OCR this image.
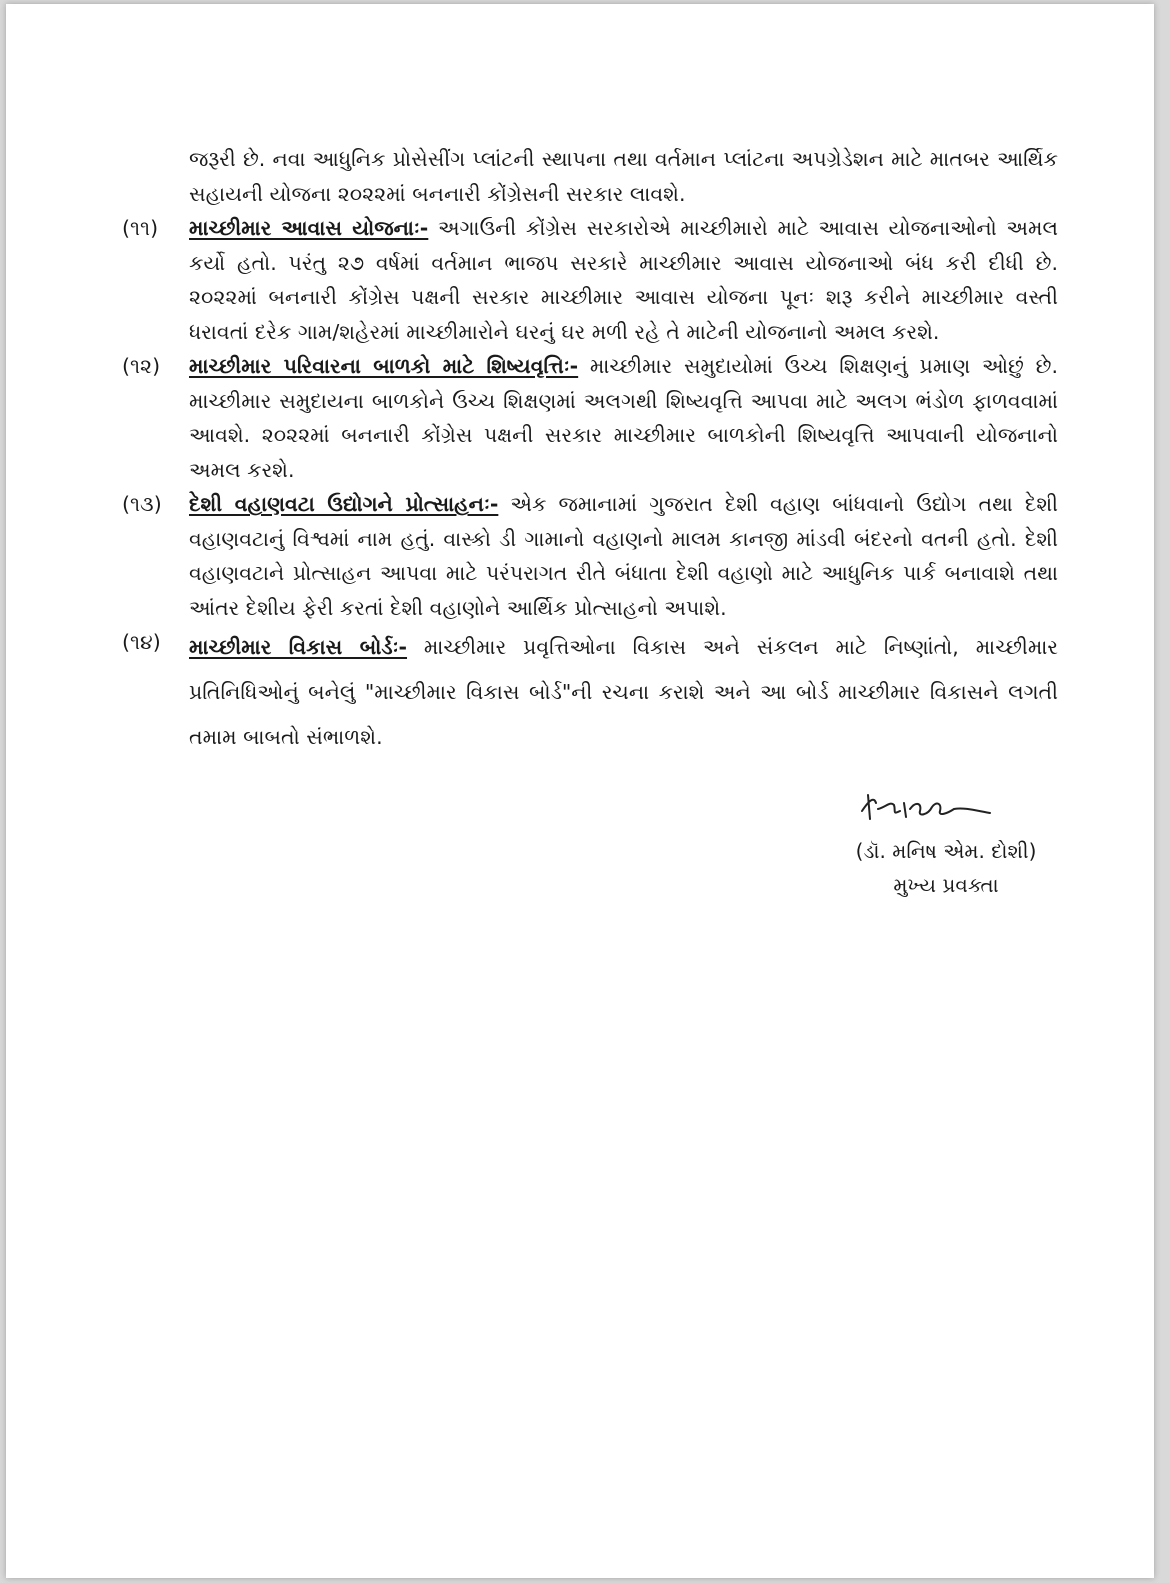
જરૂરી છે. નવા આધુનિક પ્રોસેસીંગ પ્લાંટની સ્થાપના તથા વર્તમાન પ્લાંટના અપગ્રેડેશન માટે માતબર આર્થિક સહાયની યોજના ૨૦૨૨માં બનનારી કોંગ્રેસની સરકાર લાવશે.
(૧૧)	માચ્છીમાર આવાસ યોજનાઃ- અગાઉની કોંગ્રેસ સરકારોએ માચ્છીમારો માટે આવાસ યોજનાઓનો અમલ કર્યો હતો. પરંતુ ૨૭ વર્ષમાં વર્તમાન ભાજપ સરકારે માચ્છીમાર આવાસ યોજનાઓ બંધ કરી દીધી છે. ૨૦૨૨માં બનનારી કોંગ્રેસ પક્ષની સરકાર માચ્છીમાર આવાસ યોજના પૂનઃ શરૂ કરીને માચ્છીમાર વસ્તી ધરાવતાં દરેક ગામ/શહેરમાં માચ્છીમારોને ઘરનું ઘર મળી રહે તે માટેની યોજનાનો અમલ કરશે.
(૧૨)	માચ્છીમાર પરિવારના બાળકો માટે શિષ્યવૃત્તિઃ- માચ્છીમાર સમુદાયોમાં ઉચ્ચ શિક્ષણનું પ્રમાણ ઓછું છે. માચ્છીમાર સમુદાયના બાળકોને ઉચ્ચ શિક્ષણમાં અલગથી શિષ્યવૃત્તિ આપવા માટે અલગ ભંડોળ ફાળવવામાં આવશે. ૨૦૨૨માં બનનારી કોંગ્રેસ પક્ષની સરકાર માચ્છીમાર બાળકોની શિષ્યવૃત્તિ આપવાની યોજનાનો અમલ કરશે.
(૧૩)	દેશી વહાણવટા ઉદ્યોગને પ્રોત્સાહનઃ- એક જમાનામાં ગુજરાત દેશી વહાણ બાંધવાનો ઉદ્યોગ તથા દેશી વહાણવટાનું વિશ્વમાં નામ હતું. વાસ્કો ડી ગામાનો વહાણનો માલમ કાનજી માંડવી બંદરનો વતની હતો. દેશી વહાણવટાને પ્રોત્સાહન આપવા માટે પરંપરાગત રીતે બંધાતા દેશી વહાણો માટે આધુનિક પાર્ક બનાવાશે તથા આંતર દેશીય ફેરી કરતાં દેશી વહાણોને આર્થિક પ્રોત્સાહનો અપાશે.
(૧૪)	માચ્છીમાર વિકાસ બોર્ડઃ- માચ્છીમાર પ્રવૃત્તિઓના વિકાસ અને સંકલન માટે નિષ્ણાંતો, માચ્છીમાર પ્રતિનિધિઓનું બનેલું "માચ્છીમાર વિકાસ બોર્ડ"ની રચના કરાશે અને આ બોર્ડ માચ્છીમાર વિકાસને લગતી તમામ બાબતો સંભાળશે.
(ડૉ. મનિષ એમ. દોશી)
મુખ્ય પ્રવક્તા
